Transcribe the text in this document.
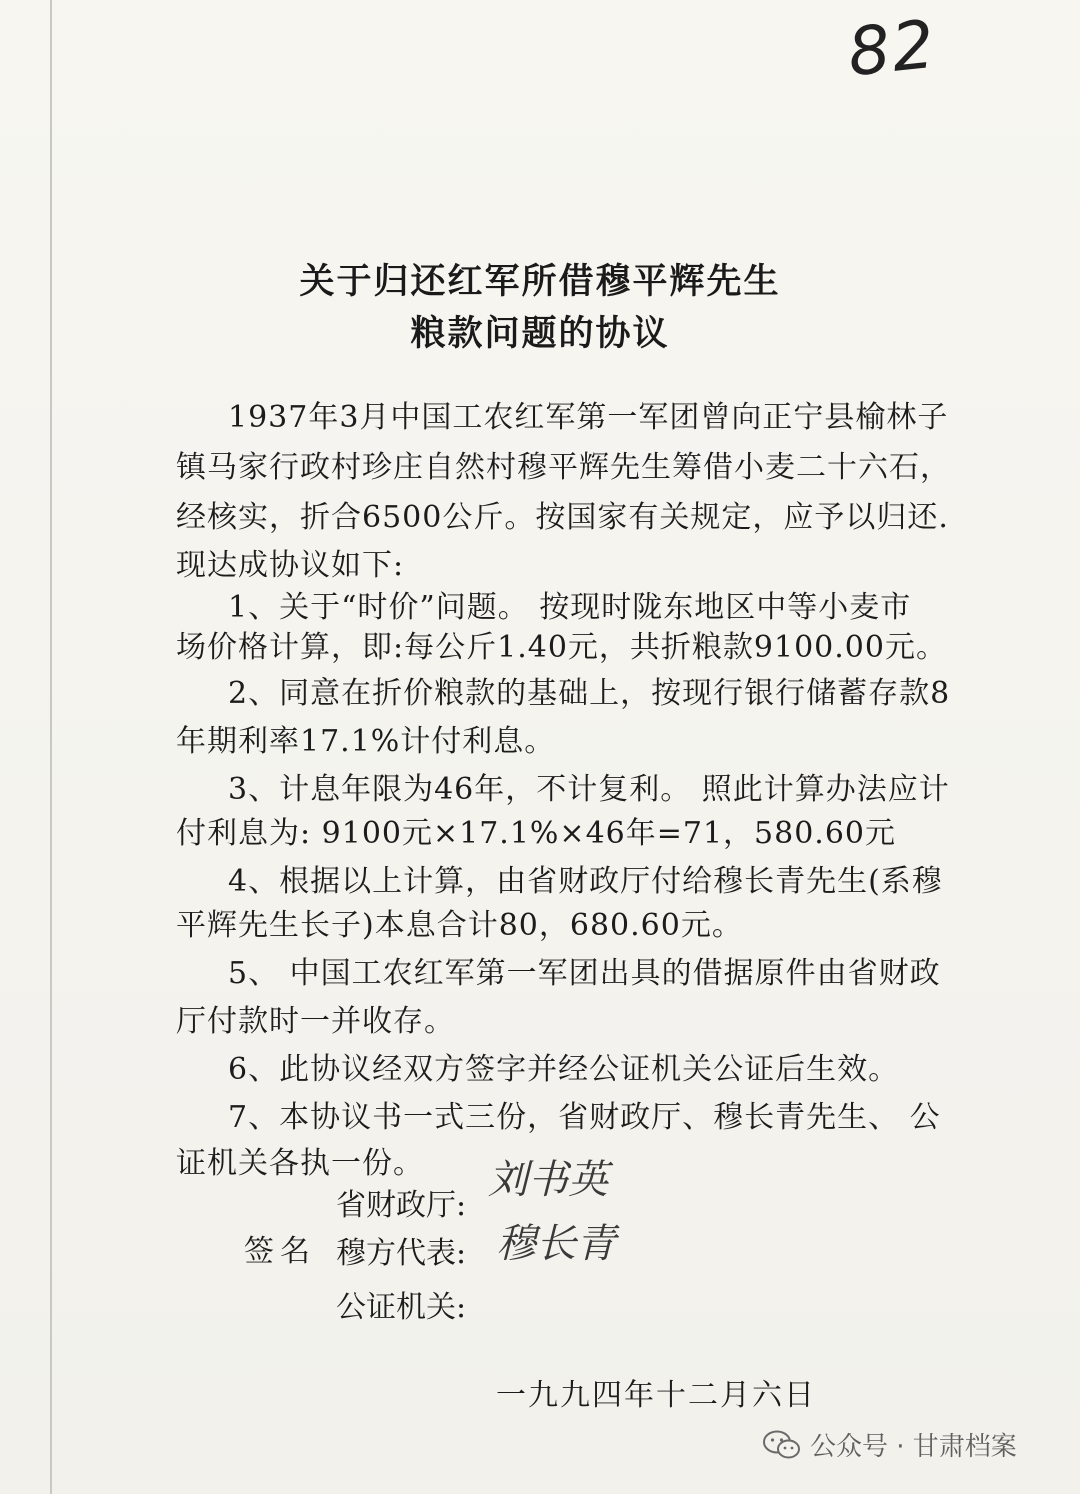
82
关于归还红军所借穆平辉先生
粮款问题的协议
1937年3月中国工农红军第一军团曾向正宁县榆林子
镇马家行政村珍庄自然村穆平辉先生筹借小麦二十六石，
经核实，折合6500公斤。按国家有关规定，应予以归还.
现达成协议如下:
1、关于“时价”问题。 按现时陇东地区中等小麦市
场价格计算，即:每公斤1.40元，共折粮款9100.00元。
2、同意在折价粮款的基础上，按现行银行储蓄存款8
年期利率17.1%计付利息。
3、计息年限为46年，不计复利。 照此计算办法应计
付利息为: 9100元×17.1%×46年=71，580.60元
4、根据以上计算，由省财政厅付给穆长青先生(系穆
平辉先生长子)本息合计80，680.60元。
5、 中国工农红军第一军团出具的借据原件由省财政
厅付款时一并收存。
6、此协议经双方签字并经公证机关公证后生效。
7、本协议书一式三份，省财政厅、穆长青先生、 公
证机关各执一份。
签名
省财政厅:
刘书英
穆方代表: 穆长青
公证机关:
一九九四年十二月六日
公众号 · 甘肃档案
